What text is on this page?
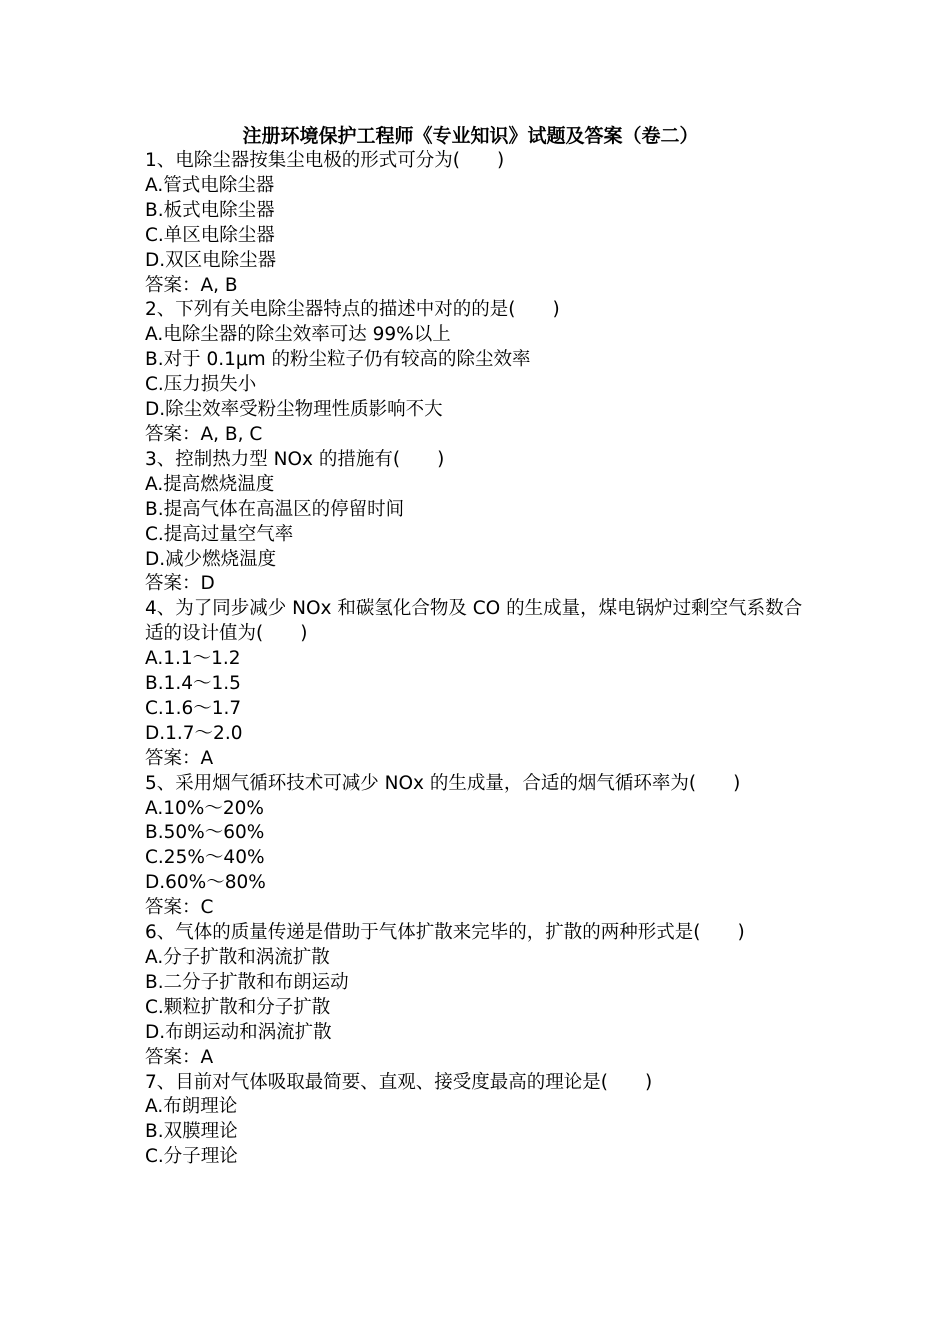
注册环境保护工程师《专业知识》试题及答案（卷二）
1、电除尘器按集尘电极的形式可分为(　　)
A.管式电除尘器
B.板式电除尘器
C.单区电除尘器
D.双区电除尘器
答案：A, B
2、下列有关电除尘器特点的描述中对的的是(　　)
A.电除尘器的除尘效率可达 99%以上
B.对于 0.1μm 的粉尘粒子仍有较高的除尘效率
C.压力损失小
D.除尘效率受粉尘物理性质影响不大
答案：A, B, C
3、控制热力型 NOx 的措施有(　　)
A.提高燃烧温度
B.提高气体在高温区的停留时间
C.提高过量空气率
D.减少燃烧温度
答案：D
4、为了同步减少 NOx 和碳氢化合物及 CO 的生成量，煤电锅炉过剩空气系数合适的设计值为(　　)
A.1.1～1.2
B.1.4～1.5
C.1.6～1.7
D.1.7～2.0
答案：A
5、采用烟气循环技术可减少 NOx 的生成量，合适的烟气循环率为(　　)
A.10%～20%
B.50%～60%
C.25%～40%
D.60%～80%
答案：C
6、气体的质量传递是借助于气体扩散来完毕的，扩散的两种形式是(　　)
A.分子扩散和涡流扩散
B.二分子扩散和布朗运动
C.颗粒扩散和分子扩散
D.布朗运动和涡流扩散
答案：A
7、目前对气体吸取最简要、直观、接受度最高的理论是(　　)
A.布朗理论
B.双膜理论
C.分子理论
